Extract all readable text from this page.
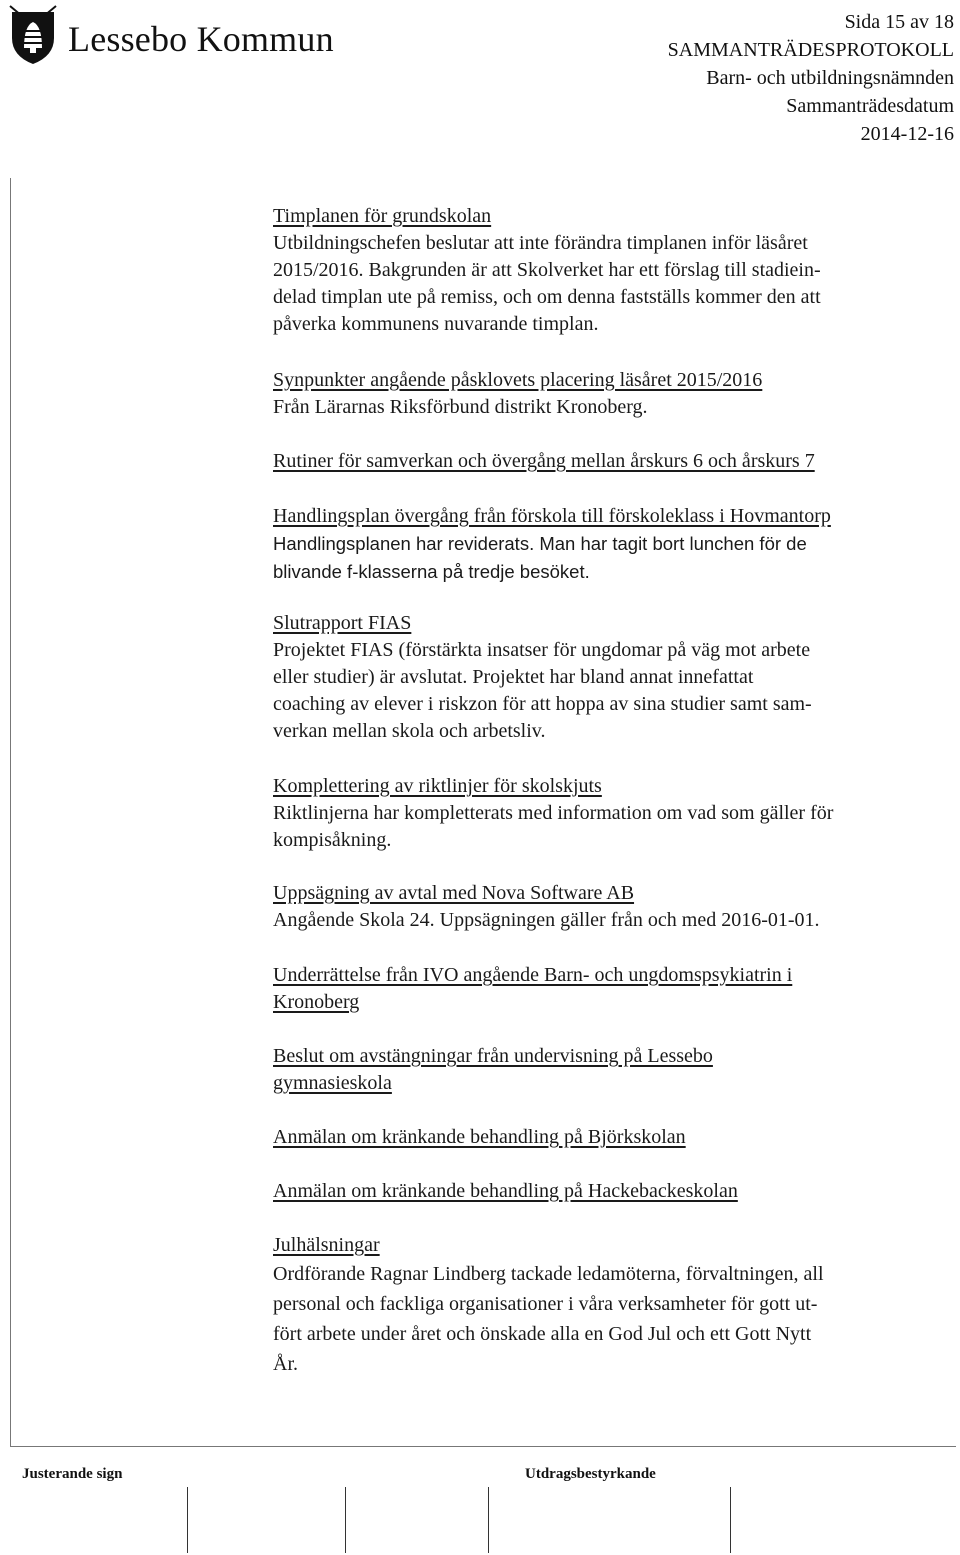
Lessebo Kommun	Sida 15 av 18
SAMMANTRÄDESPROTOKOLL
Barn- och utbildningsnämnden
Sammanträdesdatum
2014-12-16
Timplanen för grundskolan
Utbildningschefen beslutar att inte förändra timplanen inför läsåret
2015/2016. Bakgrunden är att Skolverket har ett förslag till stadiein-
delad timplan ute på remiss, och om denna fastställs kommer den att
påverka kommunens nuvarande timplan.
Synpunkter angående påsklovets placering läsåret 2015/2016
Från Lärarnas Riksförbund distrikt Kronoberg.
Rutiner för samverkan och övergång mellan årskurs 6 och årskurs 7
Handlingsplan övergång från förskola till förskoleklass i Hovmantorp
Handlingsplanen har reviderats. Man har tagit bort lunchen för de
blivande f-klasserna på tredje besöket.
Slutrapport FIAS
Projektet FIAS (förstärkta insatser för ungdomar på väg mot arbete
eller studier) är avslutat. Projektet har bland annat innefattat
coaching av elever i riskzon för att hoppa av sina studier samt sam-
verkan mellan skola och arbetsliv.
Komplettering av riktlinjer för skolskjuts
Riktlinjerna har kompletterats med information om vad som gäller för
kompisåkning.
Uppsägning av avtal med Nova Software AB
Angående Skola 24. Uppsägningen gäller från och med 2016-01-01.
Underrättelse från IVO angående Barn- och ungdomspsykiatrin i
Kronoberg
Beslut om avstängningar från undervisning på Lessebo
gymnasieskola
Anmälan om kränkande behandling på Björkskolan
Anmälan om kränkande behandling på Hackebackeskolan
Julhälsningar
Ordförande Ragnar Lindberg tackade ledamöterna, förvaltningen, all
personal och fackliga organisationer i våra verksamheter för gott ut-
fört arbete under året och önskade alla en God Jul och ett Gott Nytt
År.
Justerande sign	Utdragsbestyrkande
